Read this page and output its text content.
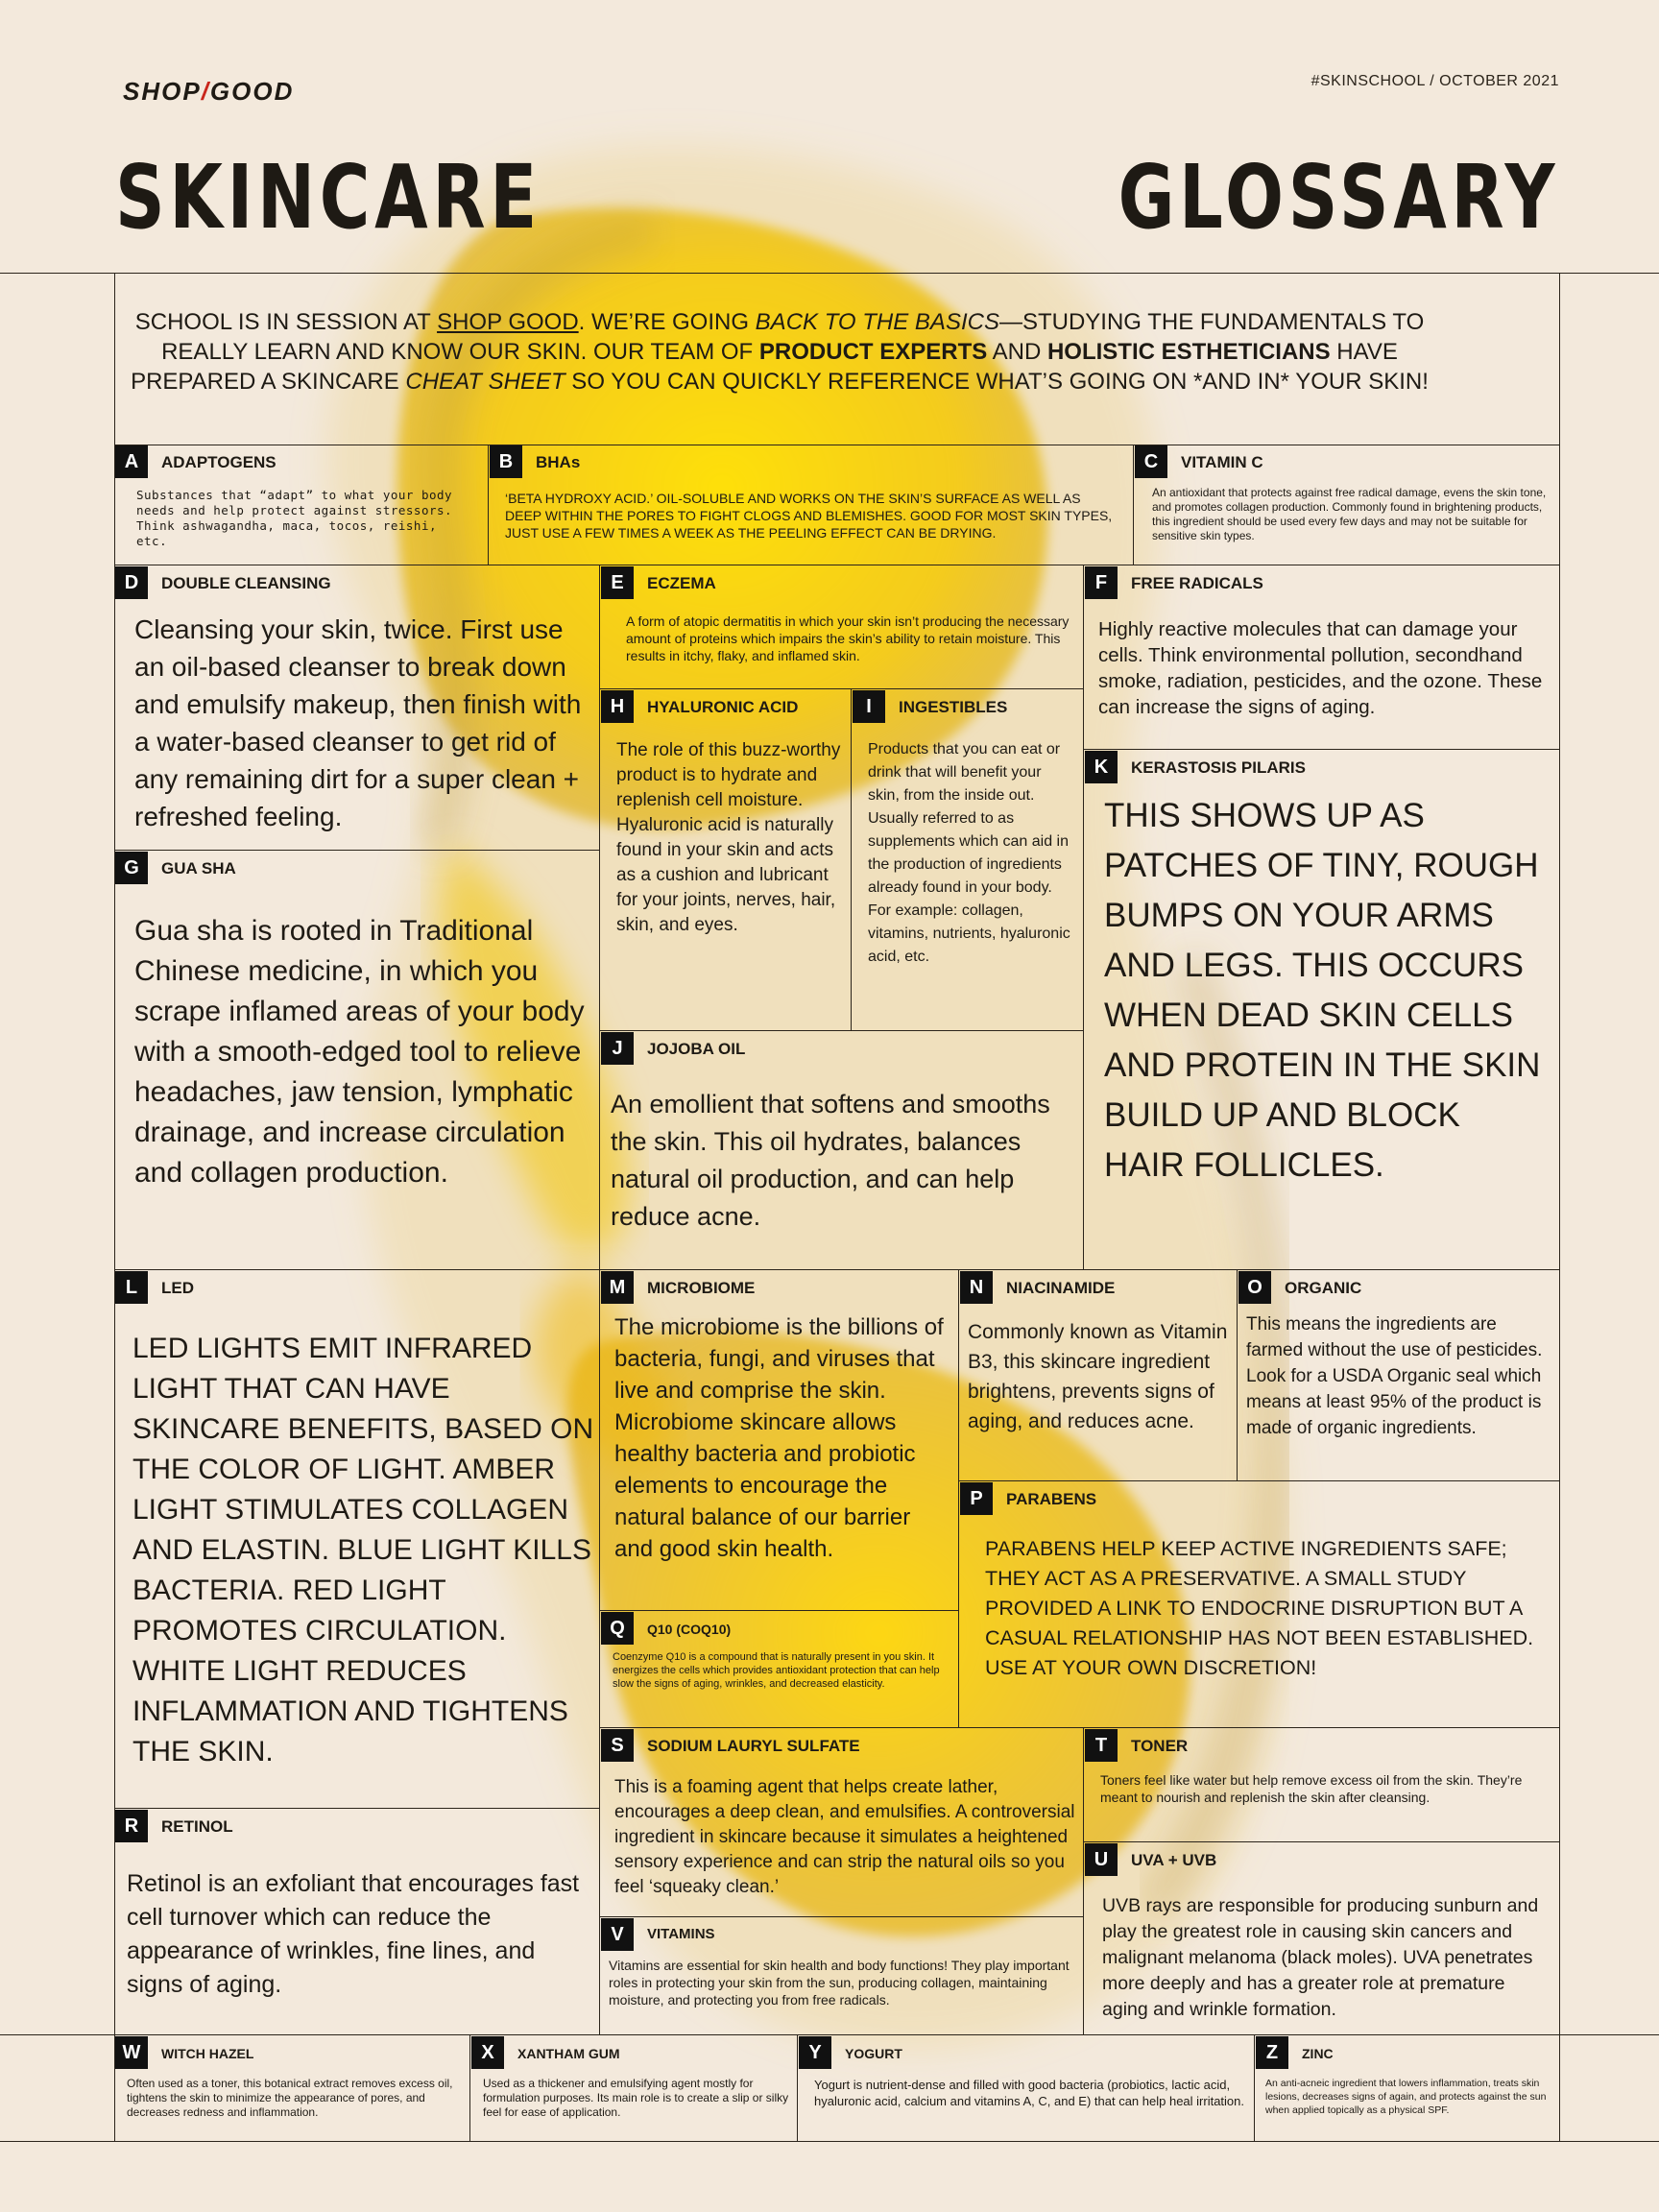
SHOP/GOOD	#SKINSCHOOL / OCTOBER 2021
SKINCARE	GLOSSARY
SCHOOL IS IN SESSION AT SHOP GOOD. WE’RE GOING BACK TO THE BASICS—STUDYING THE FUNDAMENTALS TO REALLY LEARN AND KNOW OUR SKIN. OUR TEAM OF PRODUCT EXPERTS AND HOLISTIC ESTHETICIANS HAVE PREPARED A SKINCARE CHEAT SHEET SO YOU CAN QUICKLY REFERENCE WHAT’S GOING ON *AND IN* YOUR SKIN!
A	ADAPTOGENS
Substances that “adapt” to what your body needs and help protect against stressors. Think ashwagandha, maca, tocos, reishi, etc.
B	BHAs
‘BETA HYDROXY ACID.’ OIL-SOLUBLE AND WORKS ON THE SKIN’S SURFACE AS WELL AS DEEP WITHIN THE PORES TO FIGHT CLOGS AND BLEMISHES. GOOD FOR MOST SKIN TYPES, JUST USE A FEW TIMES A WEEK AS THE PEELING EFFECT CAN BE DRYING.
C	VITAMIN C
An antioxidant that protects against free radical damage, evens the skin tone, and promotes collagen production. Commonly found in brightening products, this ingredient should be used every few days and may not be suitable for sensitive skin types.
D	DOUBLE CLEANSING
Cleansing your skin, twice. First use an oil-based cleanser to break down and emulsify makeup, then finish with a water-based cleanser to get rid of any remaining dirt for a super clean + refreshed feeling.
E	ECZEMA
A form of atopic dermatitis in which your skin isn’t producing the necessary amount of proteins which impairs the skin’s ability to retain moisture. This results in itchy, flaky, and inflamed skin.
F	FREE RADICALS
Highly reactive molecules that can damage your cells. Think environmental pollution, secondhand smoke, radiation, pesticides, and the ozone. These can increase the signs of aging.
G	GUA SHA
Gua sha is rooted in Traditional Chinese medicine, in which you scrape inflamed areas of your body with a smooth-edged tool to relieve headaches, jaw tension, lymphatic drainage, and increase circulation and collagen production.
H	HYALURONIC ACID
The role of this buzz-worthy product is to hydrate and replenish cell moisture. Hyaluronic acid is naturally found in your skin and acts as a cushion and lubricant for your joints, nerves, hair, skin, and eyes.
I	INGESTIBLES
Products that you can eat or drink that will benefit your skin, from the inside out. Usually referred to as supplements which can aid in the production of ingredients already found in your body. For example: collagen, vitamins, nutrients, hyaluronic acid, etc.
J	JOJOBA OIL
An emollient that softens and smooths the skin. This oil hydrates, balances natural oil production, and can help reduce acne.
K	KERASTOSIS PILARIS
THIS SHOWS UP AS PATCHES OF TINY, ROUGH BUMPS ON YOUR ARMS AND LEGS. THIS OCCURS WHEN DEAD SKIN CELLS AND PROTEIN IN THE SKIN BUILD UP AND BLOCK HAIR FOLLICLES.
L	LED
LED LIGHTS EMIT INFRARED LIGHT THAT CAN HAVE SKINCARE BENEFITS, BASED ON THE COLOR OF LIGHT. AMBER LIGHT STIMULATES COLLAGEN AND ELASTIN. BLUE LIGHT KILLS BACTERIA. RED LIGHT PROMOTES CIRCULATION. WHITE LIGHT REDUCES INFLAMMATION AND TIGHTENS THE SKIN.
M	MICROBIOME
The microbiome is the billions of bacteria, fungi, and viruses that live and comprise the skin. Microbiome skincare allows healthy bacteria and probiotic elements to encourage the natural balance of our barrier and good skin health.
N	NIACINAMIDE
Commonly known as Vitamin B3, this skincare ingredient brightens, prevents signs of aging, and reduces acne.
O	ORGANIC
This means the ingredients are farmed without the use of pesticides. Look for a USDA Organic seal which means at least 95% of the product is made of organic ingredients.
P	PARABENS
PARABENS HELP KEEP ACTIVE INGREDIENTS SAFE; THEY ACT AS A PRESERVATIVE. A SMALL STUDY PROVIDED A LINK TO ENDOCRINE DISRUPTION BUT A CASUAL RELATIONSHIP HAS NOT BEEN ESTABLISHED. USE AT YOUR OWN DISCRETION!
Q	Q10 (COQ10)
Coenzyme Q10 is a compound that is naturally present in you skin. It energizes the cells which provides antioxidant protection that can help slow the signs of aging, wrinkles, and decreased elasticity.
R	RETINOL
Retinol is an exfoliant that encourages fast cell turnover which can reduce the appearance of wrinkles, fine lines, and signs of aging.
S	SODIUM LAURYL SULFATE
This is a foaming agent that helps create lather, encourages a deep clean, and emulsifies. A controversial ingredient in skincare because it simulates a heightened sensory experience and can strip the natural oils so you feel ‘squeaky clean.’
T	TONER
Toners feel like water but help remove excess oil from the skin. They’re meant to nourish and replenish the skin after cleansing.
U	UVA + UVB
UVB rays are responsible for producing sunburn and play the greatest role in causing skin cancers and malignant melanoma (black moles). UVA penetrates more deeply and has a greater role at premature aging and wrinkle formation.
V	VITAMINS
Vitamins are essential for skin health and body functions! They play important roles in protecting your skin from the sun, producing collagen, maintaining moisture, and protecting you from free radicals.
W	WITCH HAZEL
Often used as a toner, this botanical extract removes excess oil, tightens the skin to minimize the appearance of pores, and decreases redness and inflammation.
X	XANTHAM GUM
Used as a thickener and emulsifying agent mostly for formulation purposes. Its main role is to create a slip or silky feel for ease of application.
Y	YOGURT
Yogurt is nutrient-dense and filled with good bacteria (probiotics, lactic acid, hyaluronic acid, calcium and vitamins A, C, and E) that can help heal irritation.
Z	ZINC
An anti-acneic ingredient that lowers inflammation, treats skin lesions, decreases signs of again, and protects against the sun when applied topically as a physical SPF.
